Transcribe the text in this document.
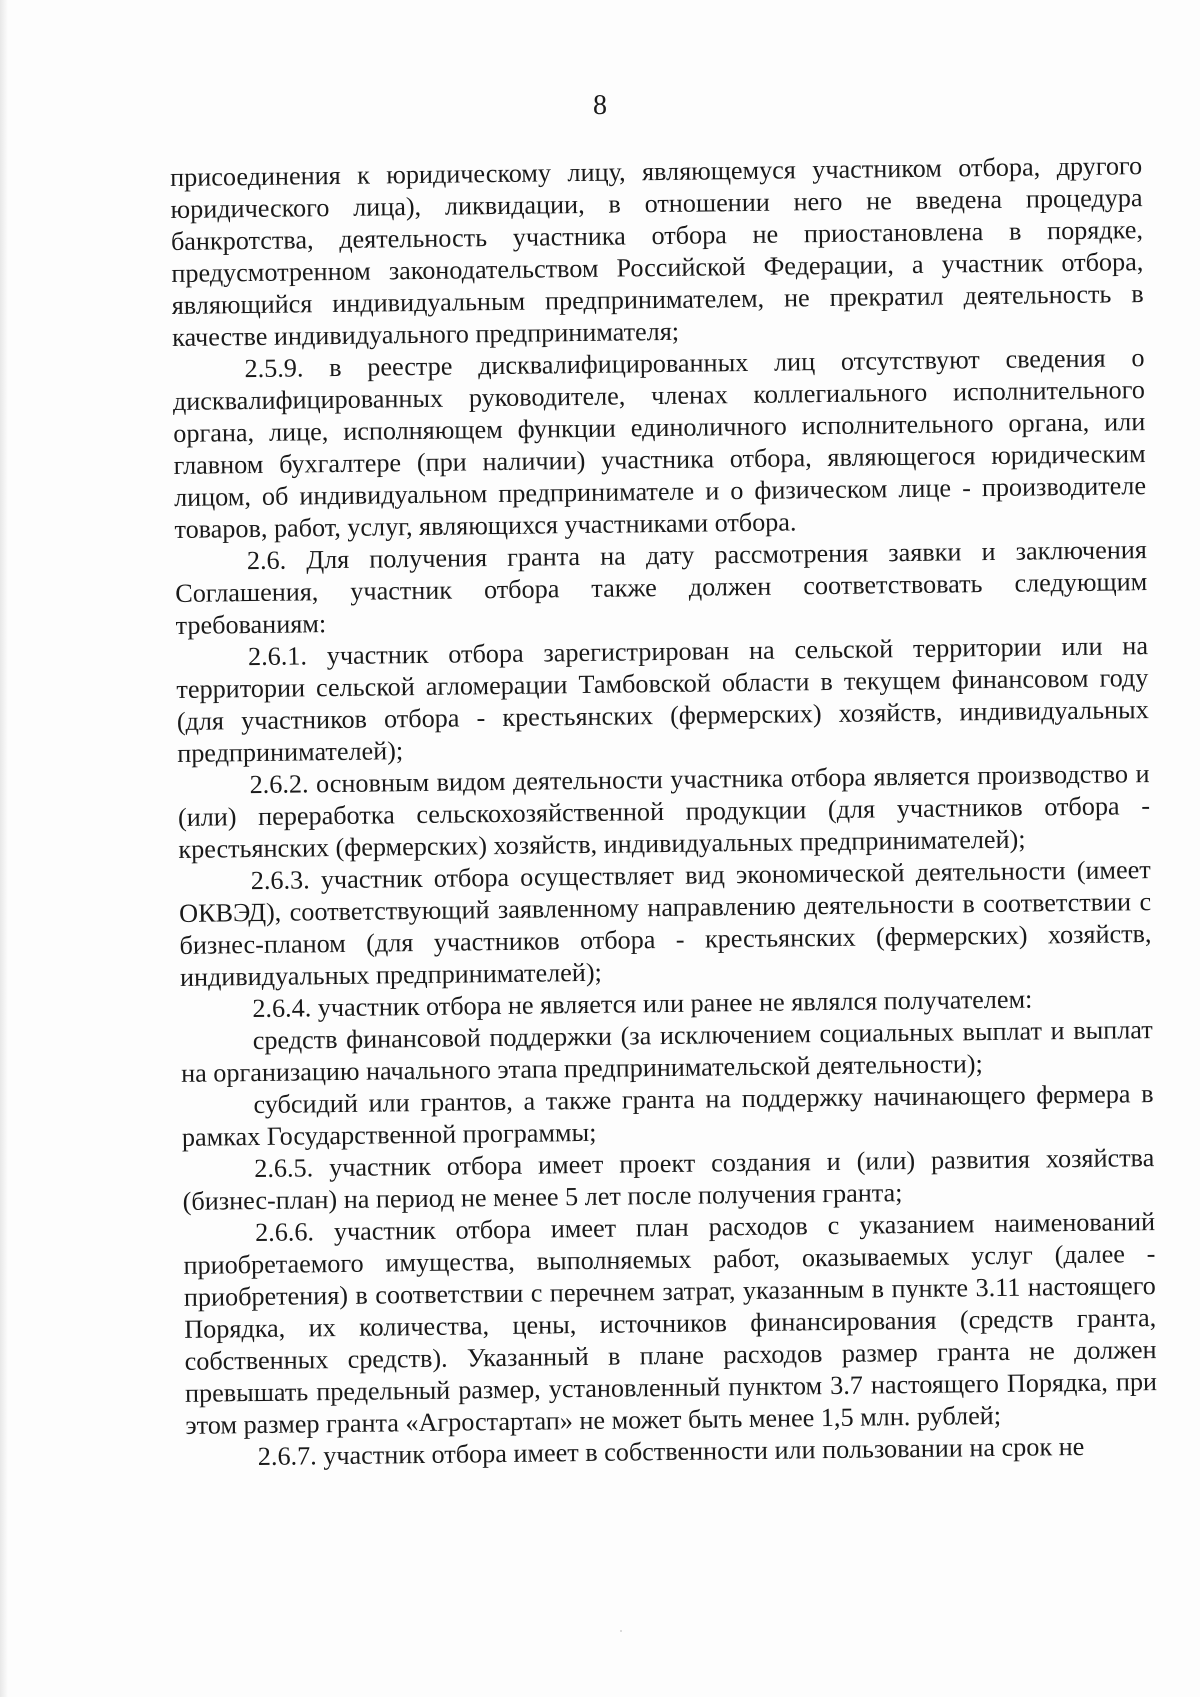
8

присоединения к юридическому лицу, являющемуся участником отбора, другого юридического лица), ликвидации, в отношении него не введена процедура банкротства, деятельность участника отбора не приостановлена в порядке, предусмотренном законодательством Российской Федерации, а участник отбора, являющийся индивидуальным предпринимателем, не прекратил деятельность в качестве индивидуального предпринимателя;

2.5.9. в реестре дисквалифицированных лиц отсутствуют сведения о дисквалифицированных руководителе, членах коллегиального исполнительного органа, лице, исполняющем функции единоличного исполнительного органа, или главном бухгалтере (при наличии) участника отбора, являющегося юридическим лицом, об индивидуальном предпринимателе и о физическом лице - производителе товаров, работ, услуг, являющихся участниками отбора.

2.6. Для получения гранта на дату рассмотрения заявки и заключения Соглашения, участник отбора также должен соответствовать следующим требованиям:

2.6.1. участник отбора зарегистрирован на сельской территории или на территории сельской агломерации Тамбовской области в текущем финансовом году (для участников отбора - крестьянских (фермерских) хозяйств, индивидуальных предпринимателей);

2.6.2. основным видом деятельности участника отбора является производство и (или) переработка сельскохозяйственной продукции (для участников отбора - крестьянских (фермерских) хозяйств, индивидуальных предпринимателей);

2.6.3. участник отбора осуществляет вид экономической деятельности (имеет ОКВЭД), соответствующий заявленному направлению деятельности в соответствии с бизнес-планом (для участников отбора - крестьянских (фермерских) хозяйств, индивидуальных предпринимателей);

2.6.4. участник отбора не является или ранее не являлся получателем:

средств финансовой поддержки (за исключением социальных выплат и выплат на организацию начального этапа предпринимательской деятельности);

субсидий или грантов, а также гранта на поддержку начинающего фермера в рамках Государственной программы;

2.6.5. участник отбора имеет проект создания и (или) развития хозяйства (бизнес-план) на период не менее 5 лет после получения гранта;

2.6.6. участник отбора имеет план расходов с указанием наименований приобретаемого имущества, выполняемых работ, оказываемых услуг (далее - приобретения) в соответствии с перечнем затрат, указанным в пункте 3.11 настоящего Порядка, их количества, цены, источников финансирования (средств гранта, собственных средств). Указанный в плане расходов размер гранта не должен превышать предельный размер, установленный пунктом 3.7 настоящего Порядка, при этом размер гранта «Агростартап» не может быть менее 1,5 млн. рублей;

2.6.7. участник отбора имеет в собственности или пользовании на срок не
